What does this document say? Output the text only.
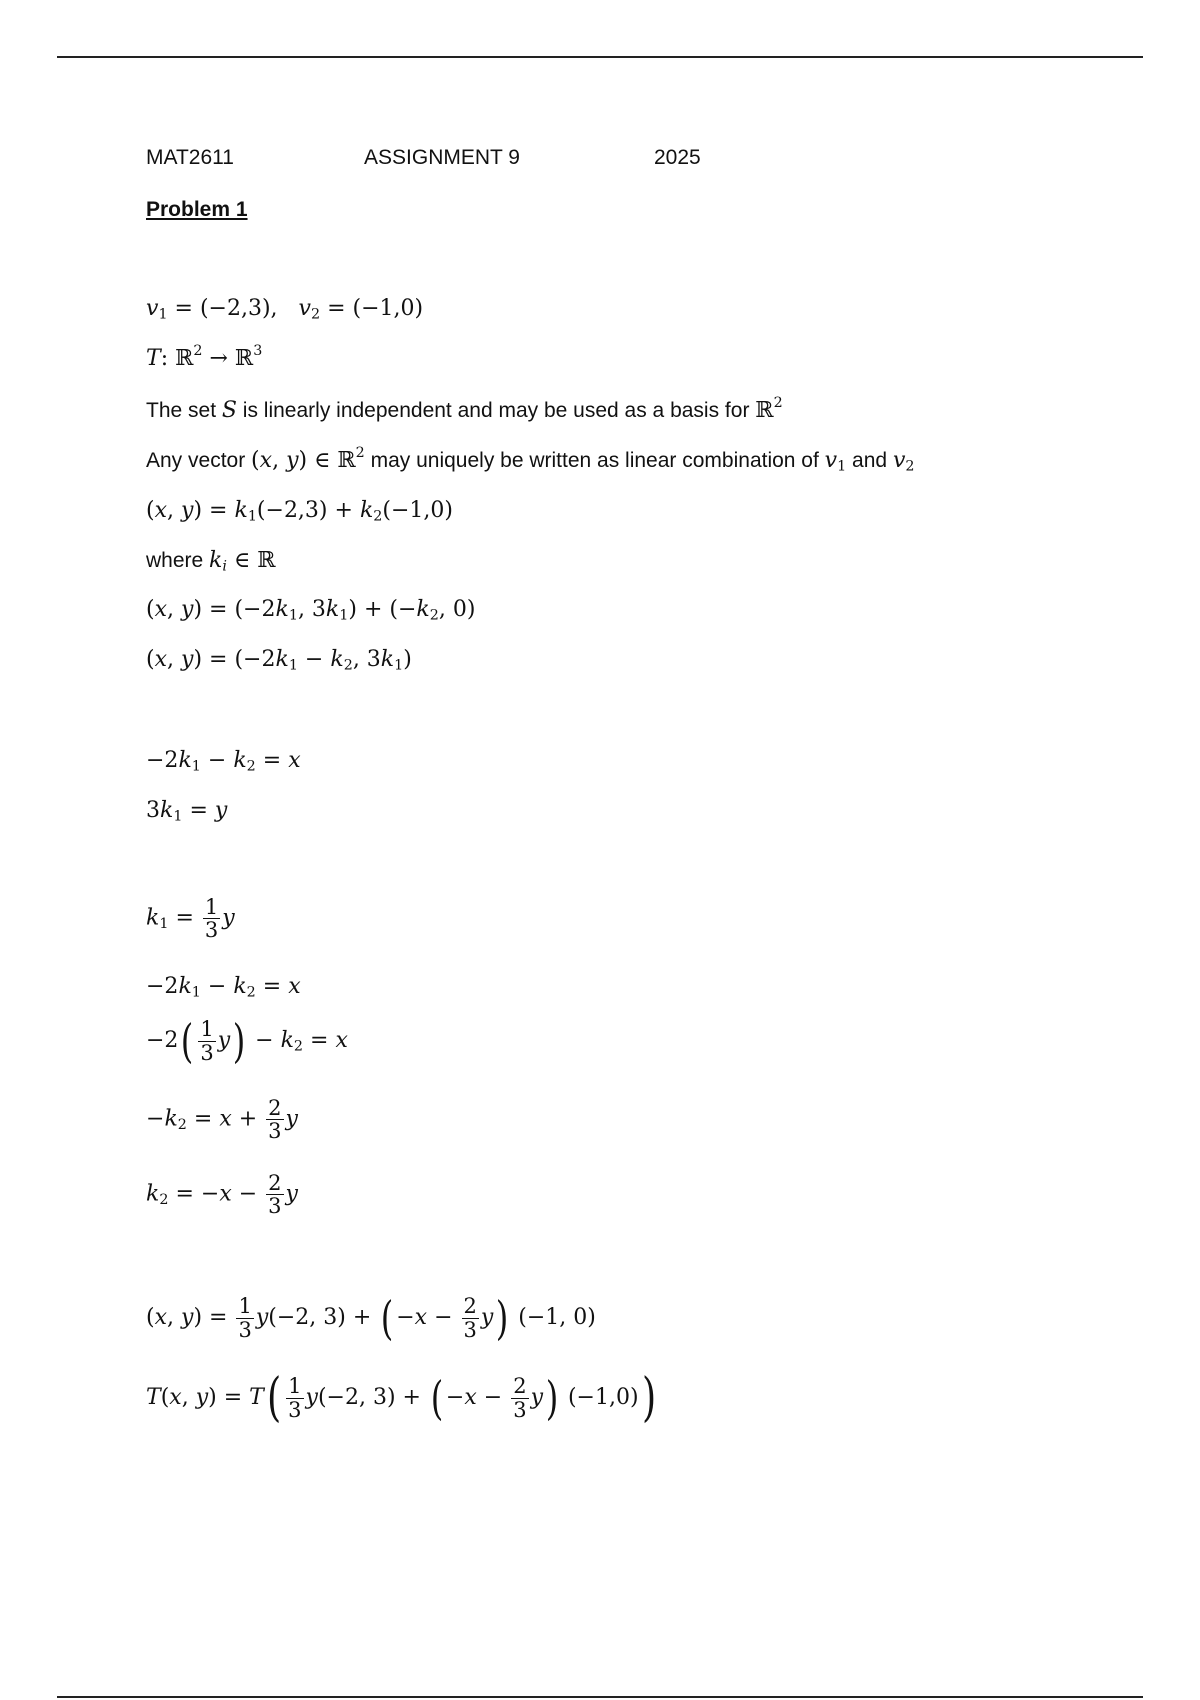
MAT2611	ASSIGNMENT 9	2025
Problem 1
$v_1 = (-2,3)$,   $v_2 = (-1,0)$
T: ℝ$^2$ → ℝ$^3$
The set S is linearly independent and may be used as a basis for ℝ$^2$
Any vector (x, y) ∈ ℝ$^2$ may uniquely be written as linear combination of $v_1$ and $v_2$
(x, $y) = k_1(-2,3) + k_2(-1,0)$
where $k_i$ ∈ ℝ
(x, $y) = (-2k_1$, $3k_1) + (-k_2$, 0)
(x, $y) = (-2k_1 - k_2$, $3k_1$)
$-2k_1 - k_2 = x$
$3k_1 = y$
$k_1 = \frac{1}{3}$ y
$-2k_1 - k_2 = x$
$-2( \frac{1}{3} y) - k_2 = x$
$-k_2 = x + \frac{2}{3}$ y
$k_2 = -x - \frac{2}{3}$ y
(x, $y) = \frac{1}{3} y(-2$, 3) + ( $-x - \frac{2}{3} y$) (−1, 0)
T(x, $y) = T( \frac{1}{3} y(-2$, 3) + ( $-x - \frac{2}{3} y$) (−1,0))
